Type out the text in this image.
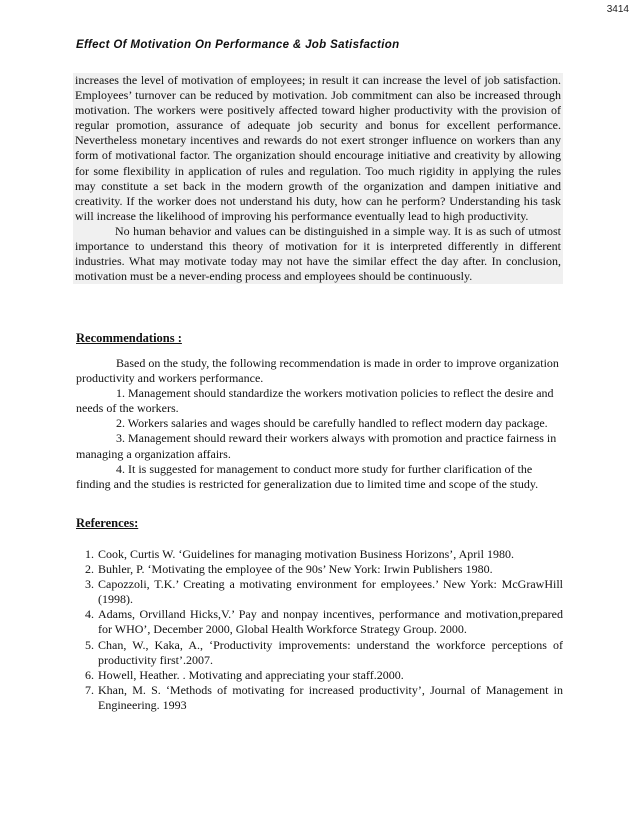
3414
Effect Of Motivation On Performance & Job Satisfaction

increases the level of motivation of employees; in result it can increase the level of job satisfaction. Employees’ turnover can be reduced by motivation. Job commitment can also be increased through motivation. The workers were positively affected toward higher productivity with the provision of regular promotion, assurance of adequate job security and bonus for excellent performance. Nevertheless monetary incentives and rewards do not exert stronger influence on workers than any form of motivational factor. The organization should encourage initiative and creativity by allowing for some flexibility in application of rules and regulation. Too much rigidity in applying the rules may constitute a set back in the modern growth of the organization and dampen initiative and creativity. If the worker does not understand his duty, how can he perform? Understanding his task will increase the likelihood of improving his performance eventually lead to high productivity.

No human behavior and values can be distinguished in a simple way. It is as such of utmost importance to understand this theory of motivation for it is interpreted differently in different industries. What may motivate today may not have the similar effect the day after. In conclusion, motivation must be a never-ending process and employees should be continuously.

Recommendations :

Based on the study, the following recommendation is made in order to improve organization productivity and workers performance.

1. Management should standardize the workers motivation policies to reflect the desire and needs of the workers.

2. Workers salaries and wages should be carefully handled to reflect modern day package.

3. Management should reward their workers always with promotion and practice fairness in managing a organization affairs.

4. It is suggested for management to conduct more study for further clarification of the finding and the studies is restricted for generalization due to limited time and scope of the study.

References:
1. Cook, Curtis W. ‘Guidelines for managing motivation Business Horizons’, April 1980.
2. Buhler, P. ‘Motivating the employee of the 90s’ New York: Irwin Publishers 1980.
3. Capozzoli, T.K.’ Creating a motivating environment for employees.’ New York: McGrawHill (1998).
4. Adams, Orvilland Hicks,V.’ Pay and nonpay incentives, performance and motivation,prepared for WHO’, December 2000, Global Health Workforce Strategy Group. 2000.
5. Chan, W., Kaka, A., ‘Productivity improvements: understand the workforce perceptions of productivity first’.2007.
6. Howell, Heather. . Motivating and appreciating your staff.2000.
7. Khan, M. S. ‘Methods of motivating for increased productivity’, Journal of Management in Engineering. 1993
